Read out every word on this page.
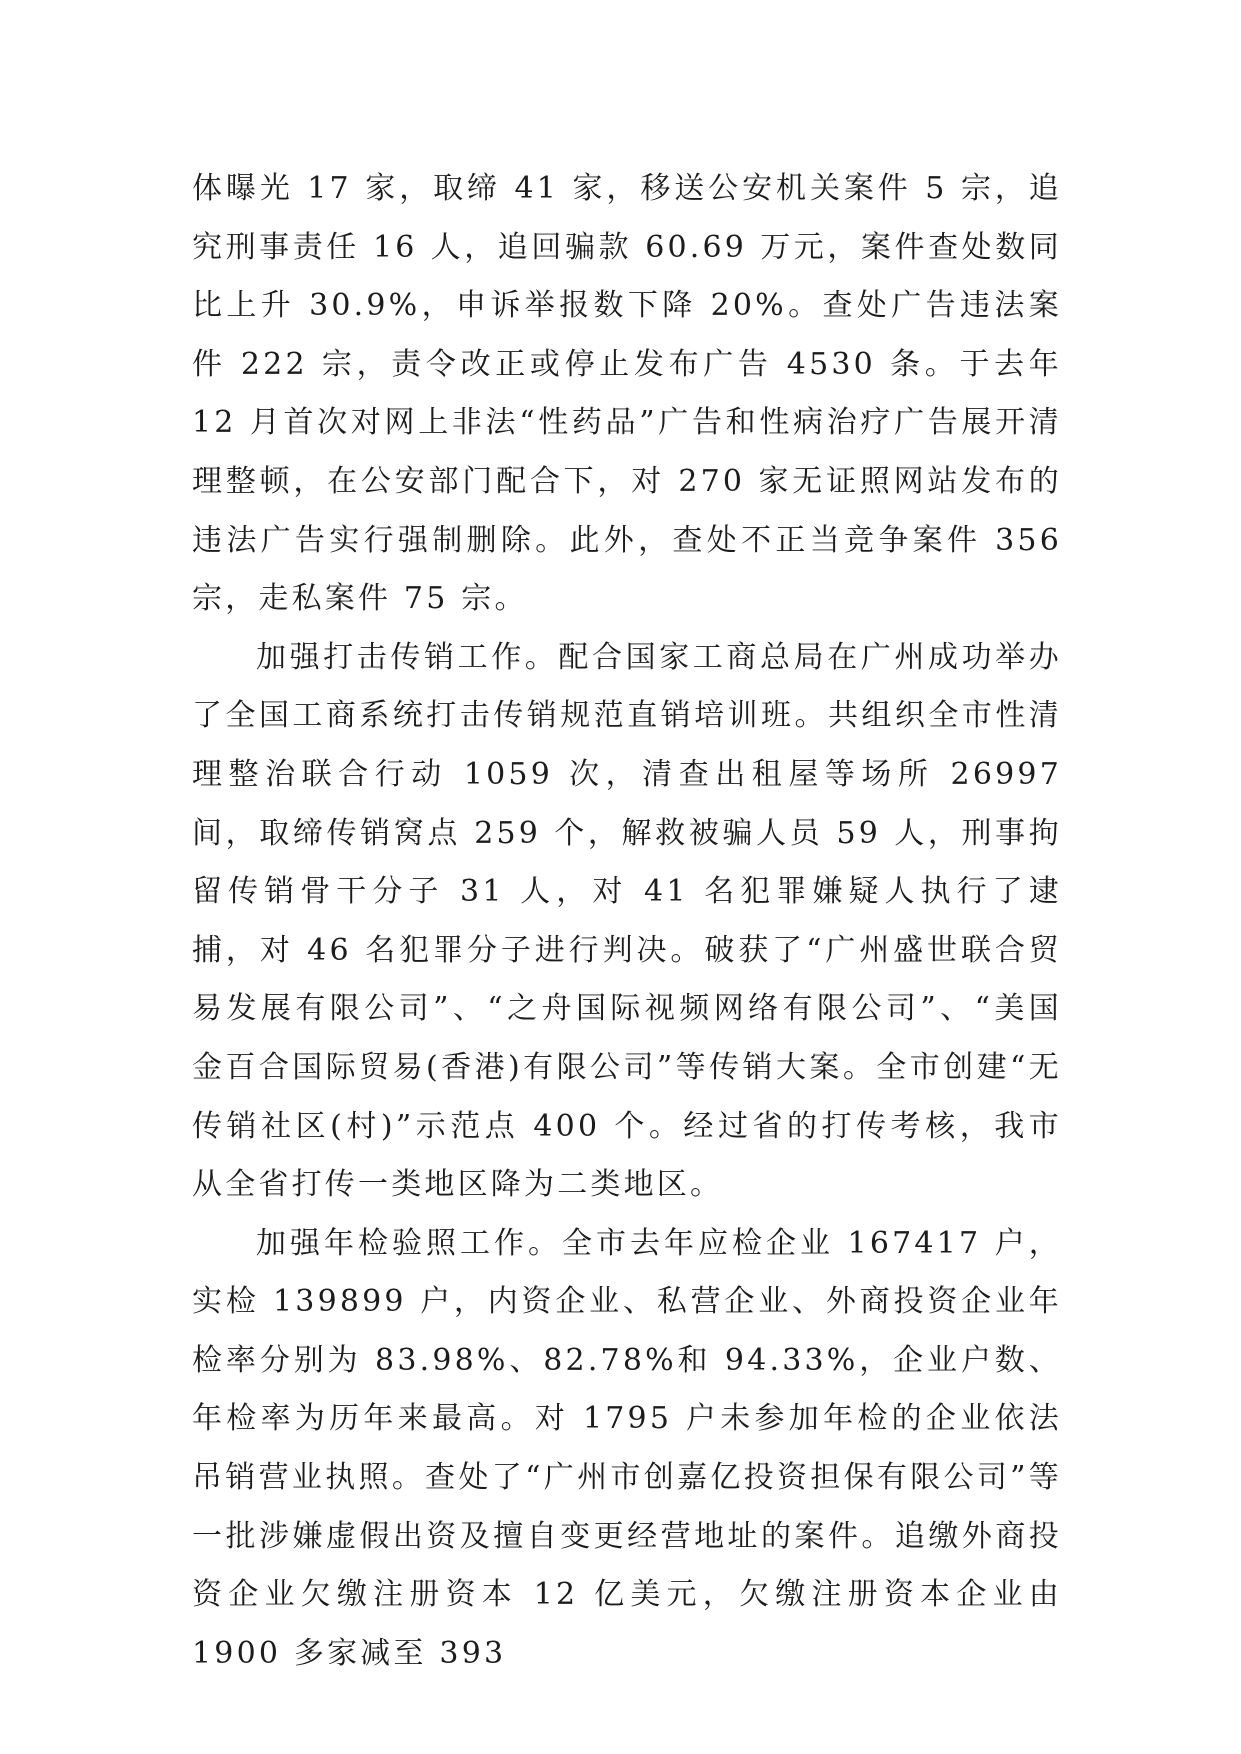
体曝光 17 家，取缔 41 家，移送公安机关案件 5 宗，追究刑事责任 16 人，追回骗款 60.69 万元，案件查处数同比上升 30.9%，申诉举报数下降 20%。查处广告违法案件 222 宗，责令改正或停止发布广告 4530 条。于去年 12 月首次对网上非法“性药品”广告和性病治疗广告展开清理整顿，在公安部门配合下，对 270 家无证照网站发布的违法广告实行强制删除。此外，查处不正当竞争案件 356 宗，走私案件 75 宗。

加强打击传销工作。配合国家工商总局在广州成功举办了全国工商系统打击传销规范直销培训班。共组织全市性清理整治联合行动 1059 次，清查出租屋等场所 26997 间，取缔传销窝点 259 个，解救被骗人员 59 人，刑事拘留传销骨干分子 31 人，对 41 名犯罪嫌疑人执行了逮捕，对 46 名犯罪分子进行判决。破获了“广州盛世联合贸易发展有限公司”、“之舟国际视频网络有限公司”、“美国金百合国际贸易(香港)有限公司”等传销大案。全市创建“无传销社区(村)”示范点 400 个。经过省的打传考核，我市从全省打传一类地区降为二类地区。

加强年检验照工作。全市去年应检企业 167417 户，实检 139899 户，内资企业、私营企业、外商投资企业年检率分别为 83.98%、82.78%和 94.33%，企业户数、年检率为历年来最高。对 1795 户未参加年检的企业依法吊销营业执照。查处了“广州市创嘉亿投资担保有限公司”等一批涉嫌虚假出资及擅自变更经营地址的案件。追缴外商投资企业欠缴注册资本 12 亿美元，欠缴注册资本企业由 1900 多家减至 393
